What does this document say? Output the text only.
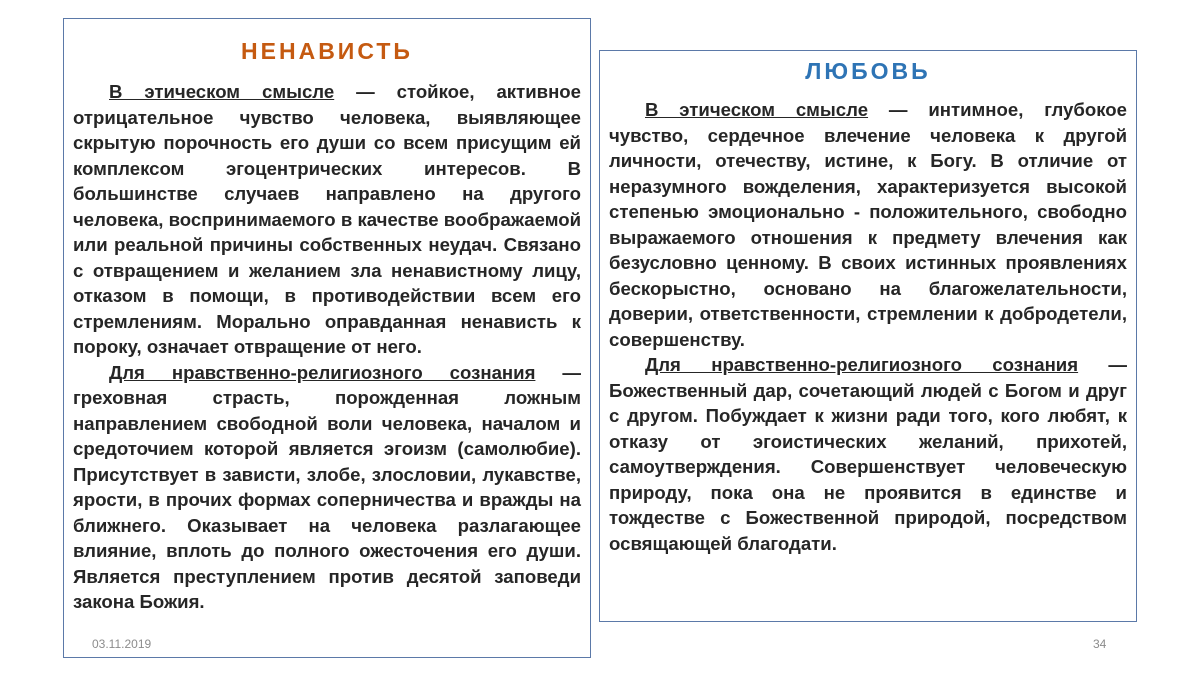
НЕНАВИСТЬ

В этическом смысле — стойкое, активное отрицательное чувство человека, выявляющее скрытую порочность его души со всем присущим ей комплексом эгоцентрических интересов. В большинстве случаев направлено на другого человека, воспринимаемого в качестве воображаемой или реальной причины собственных неудач. Связано с отвращением и желанием зла ненавистному лицу, отказом в помощи, в противодействии всем его стремлениям. Морально оправданная ненависть к пороку, означает отвращение от него.

Для нравственно-религиозного сознания — греховная страсть, порожденная ложным направлением свободной воли человека, началом и средоточием которой является эгоизм (самолюбие). Присутствует в зависти, злобе, злословии, лукавстве, ярости, в прочих формах соперничества и вражды на ближнего. Оказывает на человека разлагающее влияние, вплоть до полного ожесточения его души. Является преступлением против десятой заповеди закона Божия.

ЛЮБОВЬ

В этическом смысле — интимное, глубокое чувство, сердечное влечение человека к другой личности, отечеству, истине, к Богу. В отличие от неразумного вожделения, характеризуется высокой степенью эмоционально - положительного, свободно выражаемого отношения к предмету влечения как безусловно ценному. В своих истинных проявлениях бескорыстно, основано на благожелательности, доверии, ответственности, стремлении к добродетели, совершенству.

Для нравственно-религиозного сознания — Божественный дар, сочетающий людей с Богом и друг с другом. Побуждает к жизни ради того, кого любят, к отказу от эгоистических желаний, прихотей, самоутверждения. Совершенствует человеческую природу, пока она не проявится в единстве и тождестве с Божественной природой, посредством освящающей благодати.

03.11.2019	34
